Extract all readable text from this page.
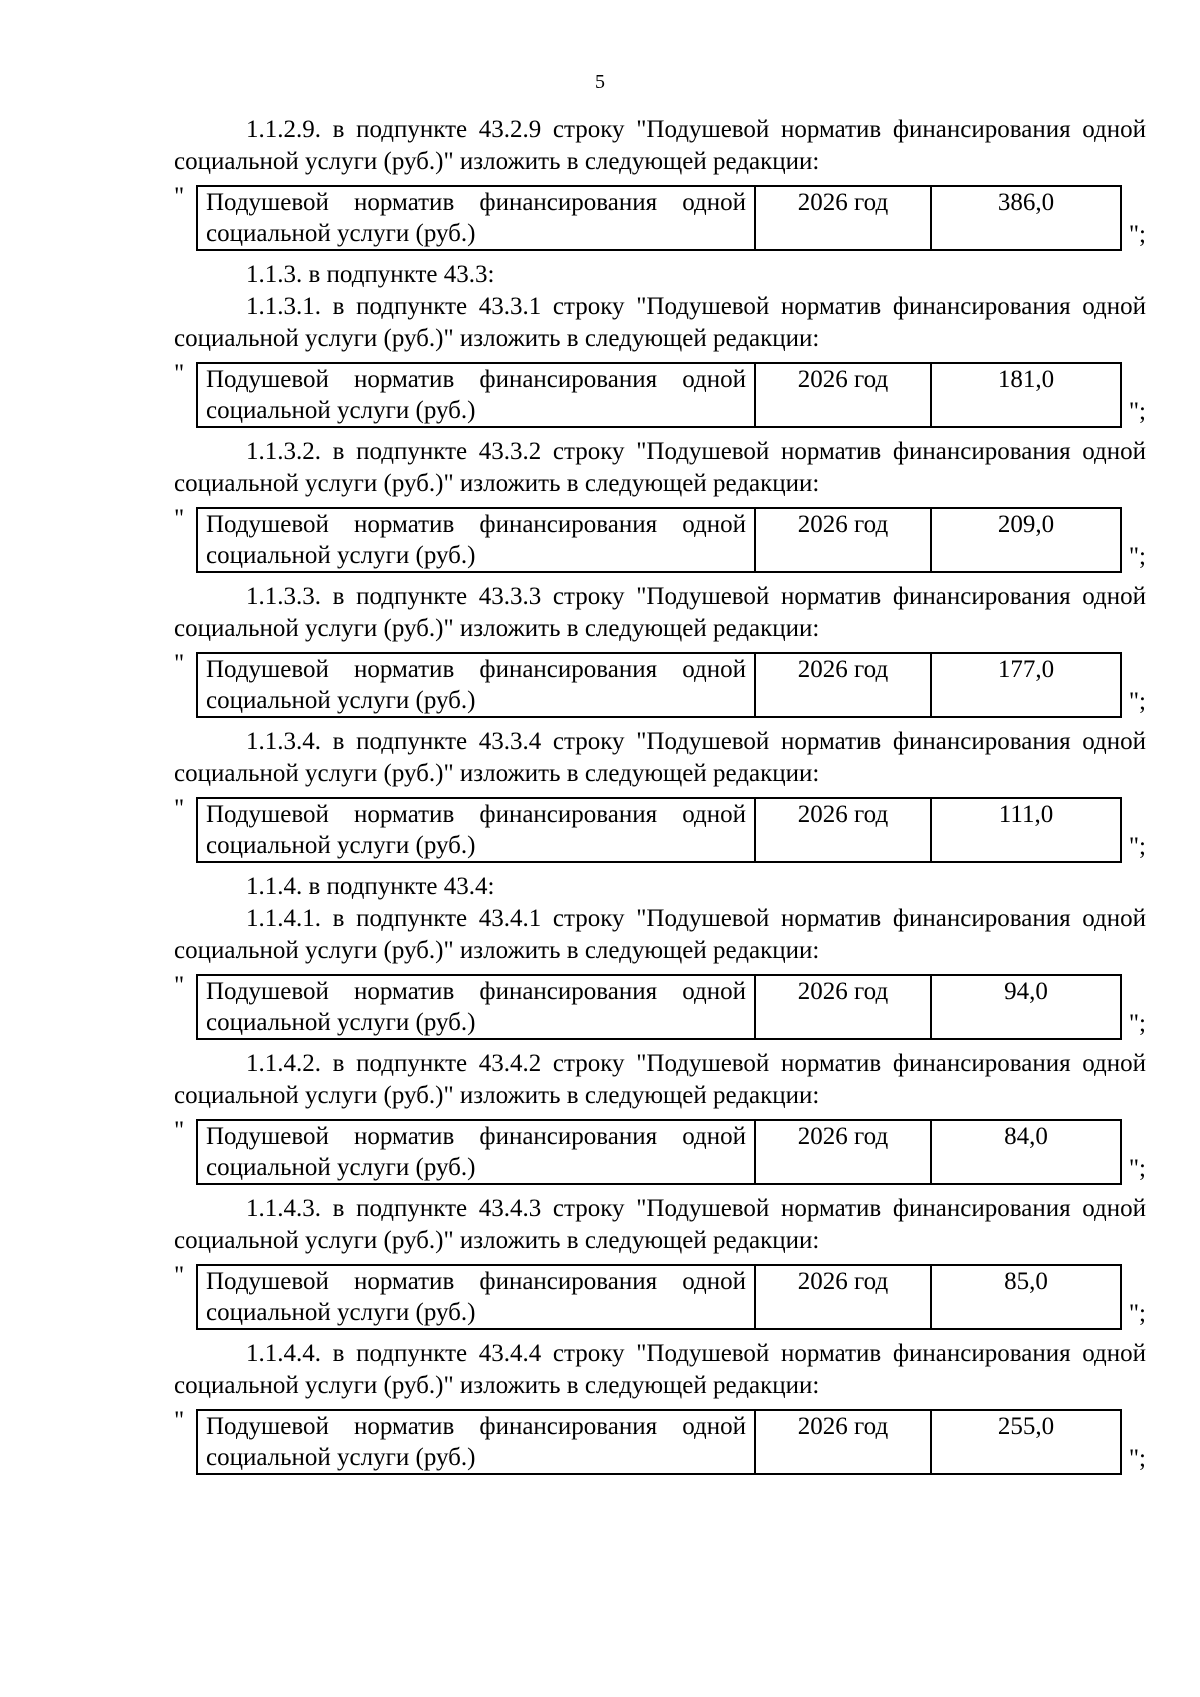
5

1.1.2.9. в подпункте 43.2.9 строку "Подушевой норматив финансирования одной социальной услуги (руб.)" изложить в следующей редакции:

" Подушевой норматив финансирования одной социальной услуги (руб.)	2026 год	386,0
";

1.1.3. в подпункте 43.3:

1.1.3.1. в подпункте 43.3.1 строку "Подушевой норматив финансирования одной социальной услуги (руб.)" изложить в следующей редакции:

" Подушевой норматив финансирования одной социальной услуги (руб.)	2026 год	181,0
";

1.1.3.2. в подпункте 43.3.2 строку "Подушевой норматив финансирования одной социальной услуги (руб.)" изложить в следующей редакции:

" Подушевой норматив финансирования одной социальной услуги (руб.)	2026 год	209,0
";

1.1.3.3. в подпункте 43.3.3 строку "Подушевой норматив финансирования одной социальной услуги (руб.)" изложить в следующей редакции:

" Подушевой норматив финансирования одной социальной услуги (руб.)	2026 год	177,0
";

1.1.3.4. в подпункте 43.3.4 строку "Подушевой норматив финансирования одной социальной услуги (руб.)" изложить в следующей редакции:

" Подушевой норматив финансирования одной социальной услуги (руб.)	2026 год	111,0
";

1.1.4. в подпункте 43.4:

1.1.4.1. в подпункте 43.4.1 строку "Подушевой норматив финансирования одной социальной услуги (руб.)" изложить в следующей редакции:

" Подушевой норматив финансирования одной социальной услуги (руб.)	2026 год	94,0
";

1.1.4.2. в подпункте 43.4.2 строку "Подушевой норматив финансирования одной социальной услуги (руб.)" изложить в следующей редакции:

" Подушевой норматив финансирования одной социальной услуги (руб.)	2026 год	84,0
";

1.1.4.3. в подпункте 43.4.3 строку "Подушевой норматив финансирования одной социальной услуги (руб.)" изложить в следующей редакции:

" Подушевой норматив финансирования одной социальной услуги (руб.)	2026 год	85,0
";

1.1.4.4. в подпункте 43.4.4 строку "Подушевой норматив финансирования одной социальной услуги (руб.)" изложить в следующей редакции:

" Подушевой норматив финансирования одной социальной услуги (руб.)	2026 год	255,0
";
